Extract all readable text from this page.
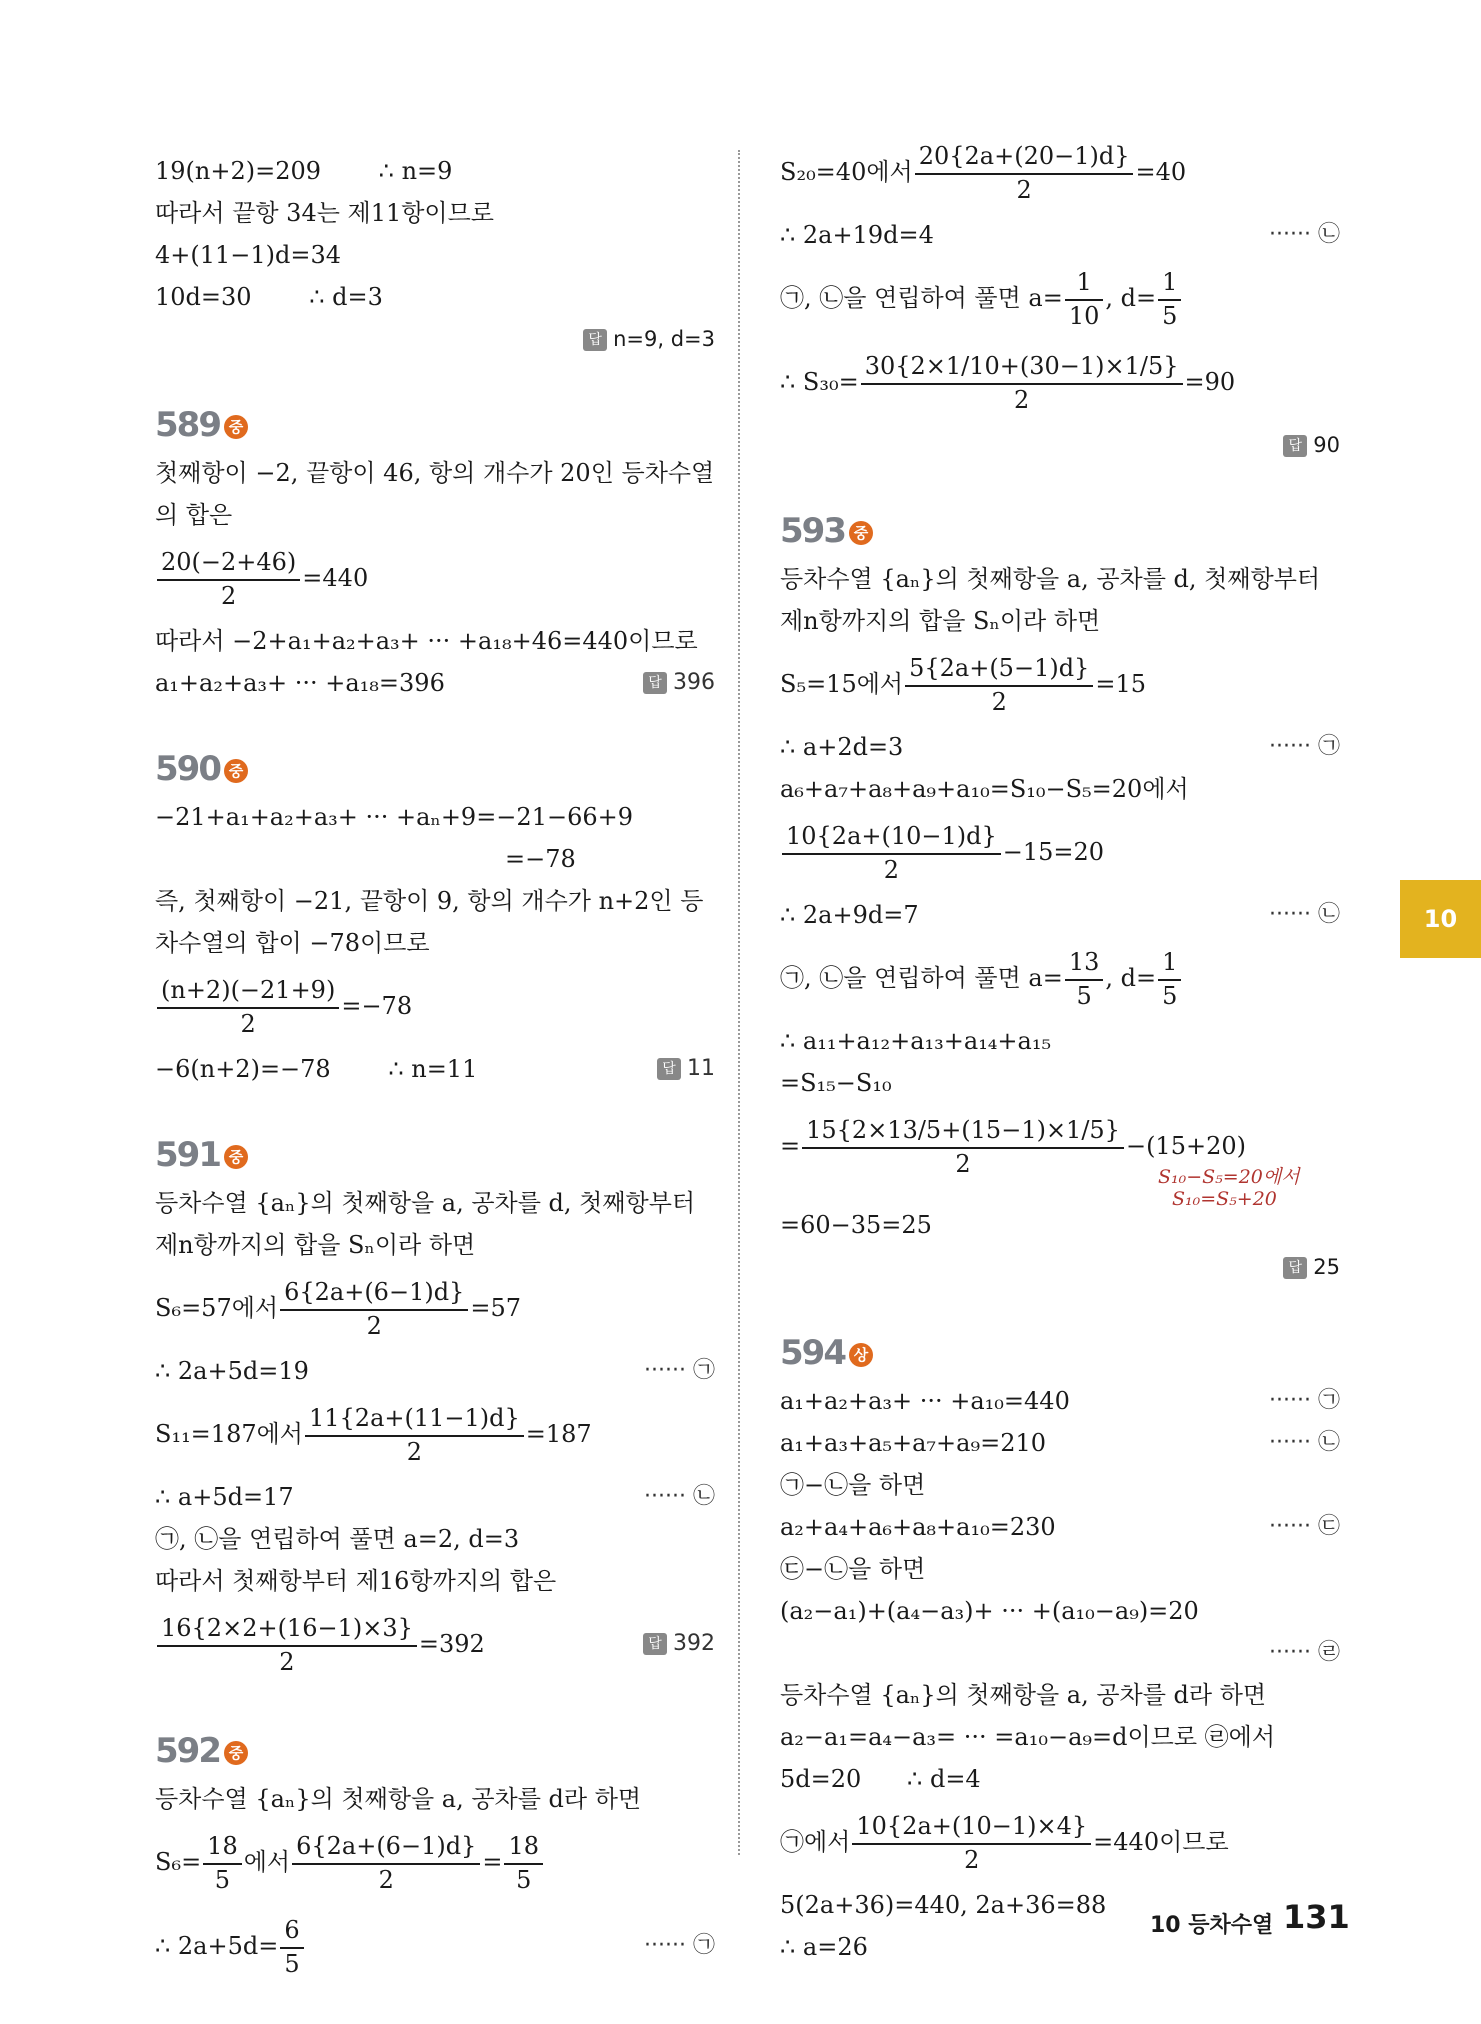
19(n+2)=209 ∴ n=9
따라서 끝항 34는 제11항이므로
4+(11−1)d=34
10d=30 ∴ d=3
답 n=9, d=3
589 중
첫째항이 −2, 끝항이 46, 항의 개수가 20인 등차수열의 합은
$\frac{20(-2+46)}{2} =440$
따라서 −2+a₁+a₂+a₃+ ··· +a₁₈+46=440이므로
a₁+a₂+a₃+ ··· +a₁₈=396	답 396
590 중
−21+a₁+a₂+a₃+ ··· +aₙ+9=−21−66+9
=−78
즉, 첫째항이 −21, 끝항이 9, 항의 개수가 n+2인 등차수열의 합이 −78이므로
$\frac{(n+2)(-21+9)}{2} =-78$
−6(n+2)=−78 ∴ n=11	답 11
591 중
등차수열 {aₙ}의 첫째항을 a, 공차를 d, 첫째항부터 제n항까지의 합을 Sₙ이라 하면
S₆=57에서 $\frac{6\{2a+(6-1)d\}}{2} =57$
∴ 2a+5d=19	······ ㉠
S₁₁=187에서 $\frac{11\{2a+(11-1)d\}}{2} =187$
∴ a+5d=17	······ ㉡
㉠, ㉡을 연립하여 풀면 a=2, d=3
따라서 첫째항부터 제16항까지의 합은
$\frac{16\{2\times 2+(16-1)\times 3\}}{2} =392$	답 392
592 중
등차수열 {aₙ}의 첫째항을 a, 공차를 d라 하면
$S_6= \frac{18}{5}$ 에서 $\frac{6\{2a+(6-1)d\}}{2} = \frac{18}{5}$
∴ $2a+5d= \frac{6}{5}$	······ ㉠
S₂₀=40에서 $\frac{20\{2a+(20-1)d\}}{2} =40$
∴ 2a+19d=4	······ ㉡
㉠, ㉡을 연립하여 풀면 $a= \frac{1}{10}$ , $d= \frac{1}{5}$
∴ $S_{30}= \frac{30\{2\times 1/10+(30-1)\times 1/5\}}{2} =90$
답 90
593 중
등차수열 {aₙ}의 첫째항을 a, 공차를 d, 첫째항부터 제n항까지의 합을 Sₙ이라 하면
S₅=15에서 $\frac{5\{2a+(5-1)d\}}{2} =15$
∴ a+2d=3	······ ㉠
a₆+a₇+a₈+a₉+a₁₀=S₁₀−S₅=20에서
$\frac{10\{2a+(10-1)d\}}{2} -15=20$
∴ 2a+9d=7	······ ㉡
㉠, ㉡을 연립하여 풀면 $a= \frac{13}{5}$ , $d= \frac{1}{5}$
∴ a₁₁+a₁₂+a₁₃+a₁₄+a₁₅
=S₁₅−S₁₀
= $\frac{15\{2\times 13/5+(15-1)\times 1/5\}}{2} -(15+20)$
S₁₀−S₅=20에서
S₁₀=S₅+20
=60−35=25
답 25
594 상
a₁+a₂+a₃+ ··· +a₁₀=440	······ ㉠
a₁+a₃+a₅+a₇+a₉=210	······ ㉡
㉠−㉡을 하면
a₂+a₄+a₆+a₈+a₁₀=230	······ ㉢
㉢−㉡을 하면
(a₂−a₁)+(a₄−a₃)+ ··· +(a₁₀−a₉)=20
······ ㉣
등차수열 {aₙ}의 첫째항을 a, 공차를 d라 하면
a₂−a₁=a₄−a₃= ··· =a₁₀−a₉=d이므로 ㉣에서
5d=20      ∴ d=4
㉠에서 $\frac{10\{2a+(10-1)\times 4\}}{2} =440$이므로
5(2a+36)=440, 2a+36=88
∴ a=26
10
10 등차수열 131
